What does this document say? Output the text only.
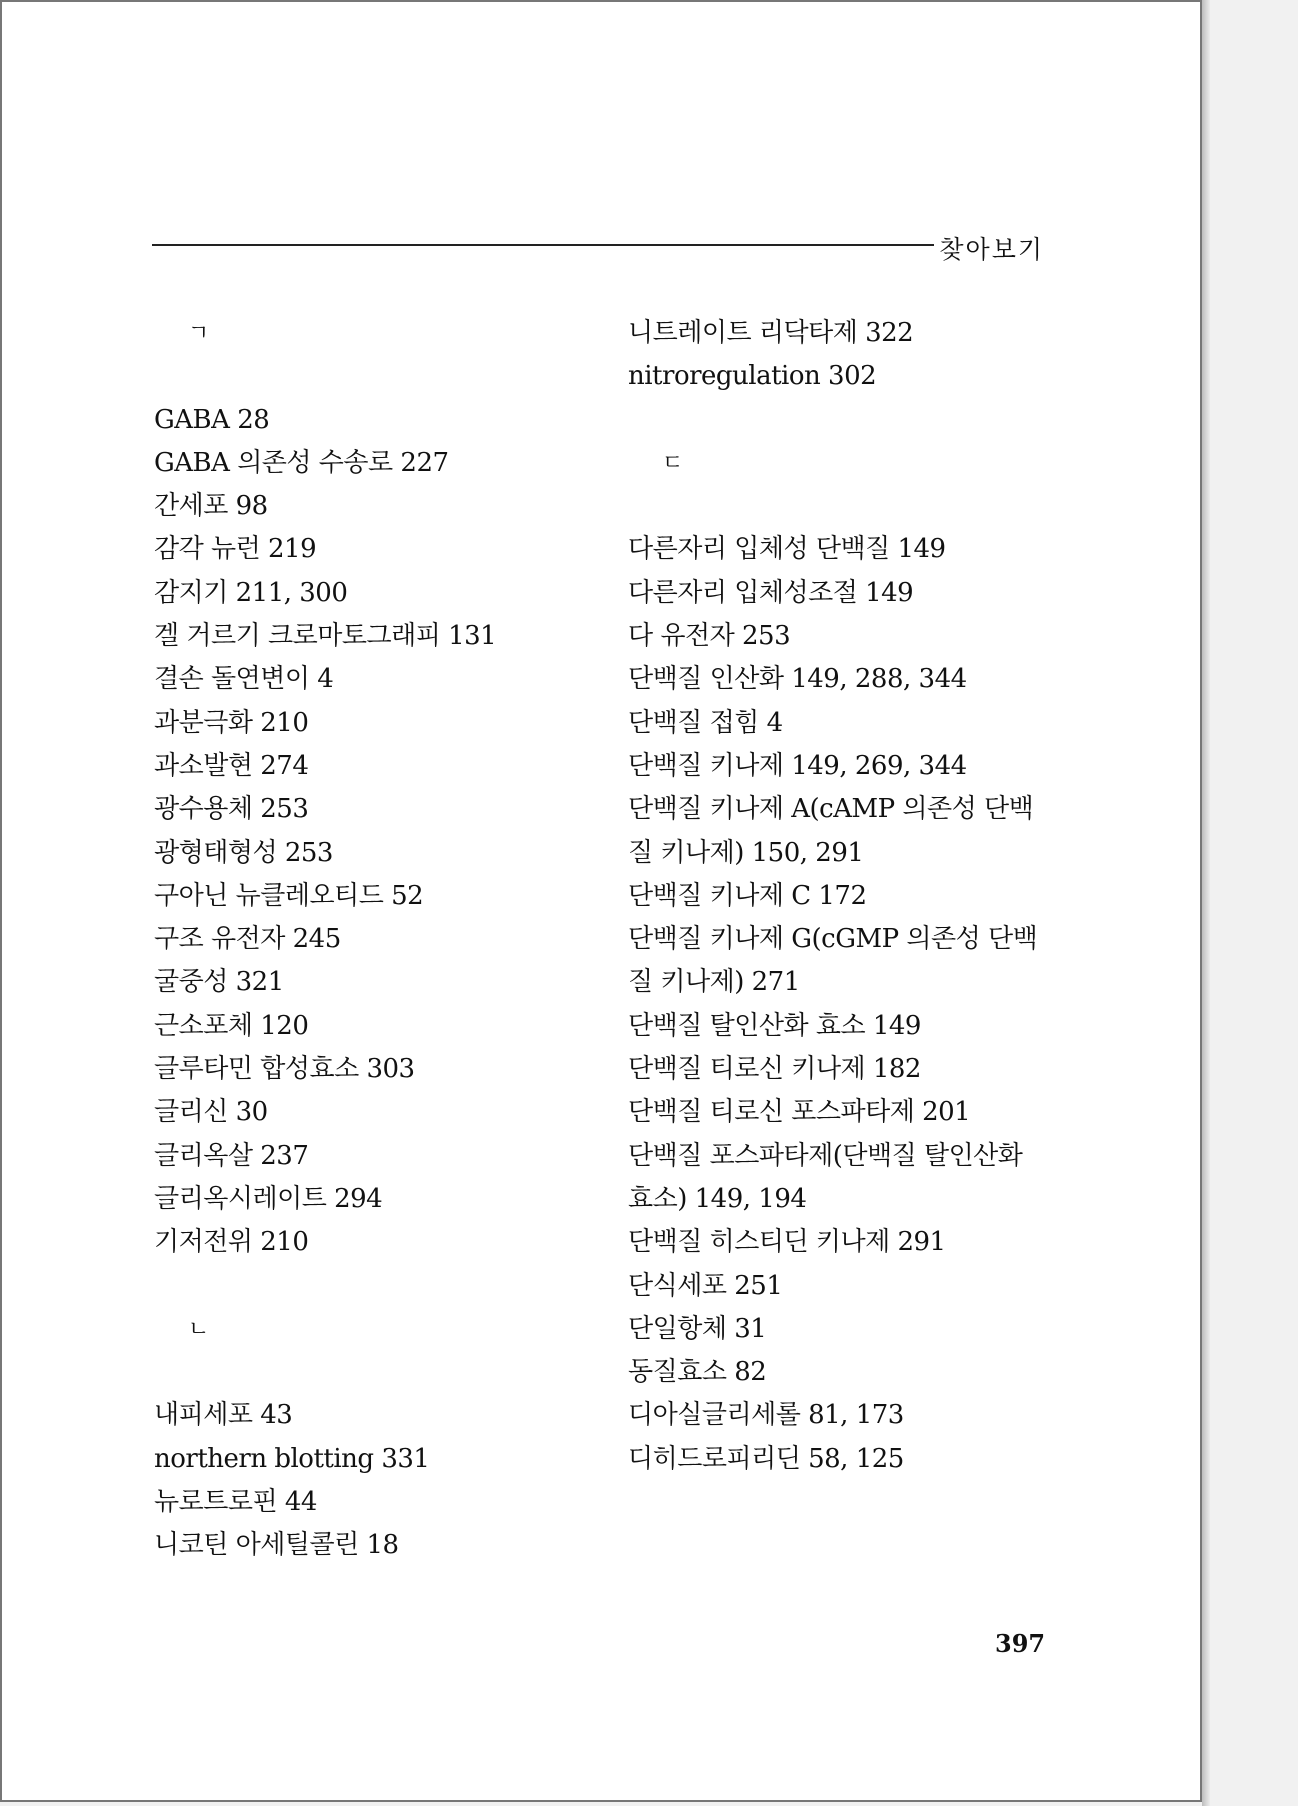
찾아보기
ㄱ
GABA 28
GABA 의존성 수송로 227
간세포 98
감각 뉴런 219
감지기 211, 300
겔 거르기 크로마토그래피 131
결손 돌연변이 4
과분극화 210
과소발현 274
광수용체 253
광형태형성 253
구아닌 뉴클레오티드 52
구조 유전자 245
굴중성 321
근소포체 120
글루타민 합성효소 303
글리신 30
글리옥살 237
글리옥시레이트 294
기저전위 210
ㄴ
내피세포 43
northern blotting 331
뉴로트로핀 44
니코틴 아세틸콜린 18
니트레이트 리닥타제 322
nitroregulation 302
ㄷ
다른자리 입체성 단백질 149
다른자리 입체성조절 149
다 유전자 253
단백질 인산화 149, 288, 344
단백질 접힘 4
단백질 키나제 149, 269, 344
단백질 키나제 A(cAMP 의존성 단백
질 키나제) 150, 291
단백질 키나제 C 172
단백질 키나제 G(cGMP 의존성 단백
질 키나제) 271
단백질 탈인산화 효소 149
단백질 티로신 키나제 182
단백질 티로신 포스파타제 201
단백질 포스파타제(단백질 탈인산화
효소) 149, 194
단백질 히스티딘 키나제 291
단식세포 251
단일항체 31
동질효소 82
디아실글리세롤 81, 173
디히드로피리딘 58, 125
397
